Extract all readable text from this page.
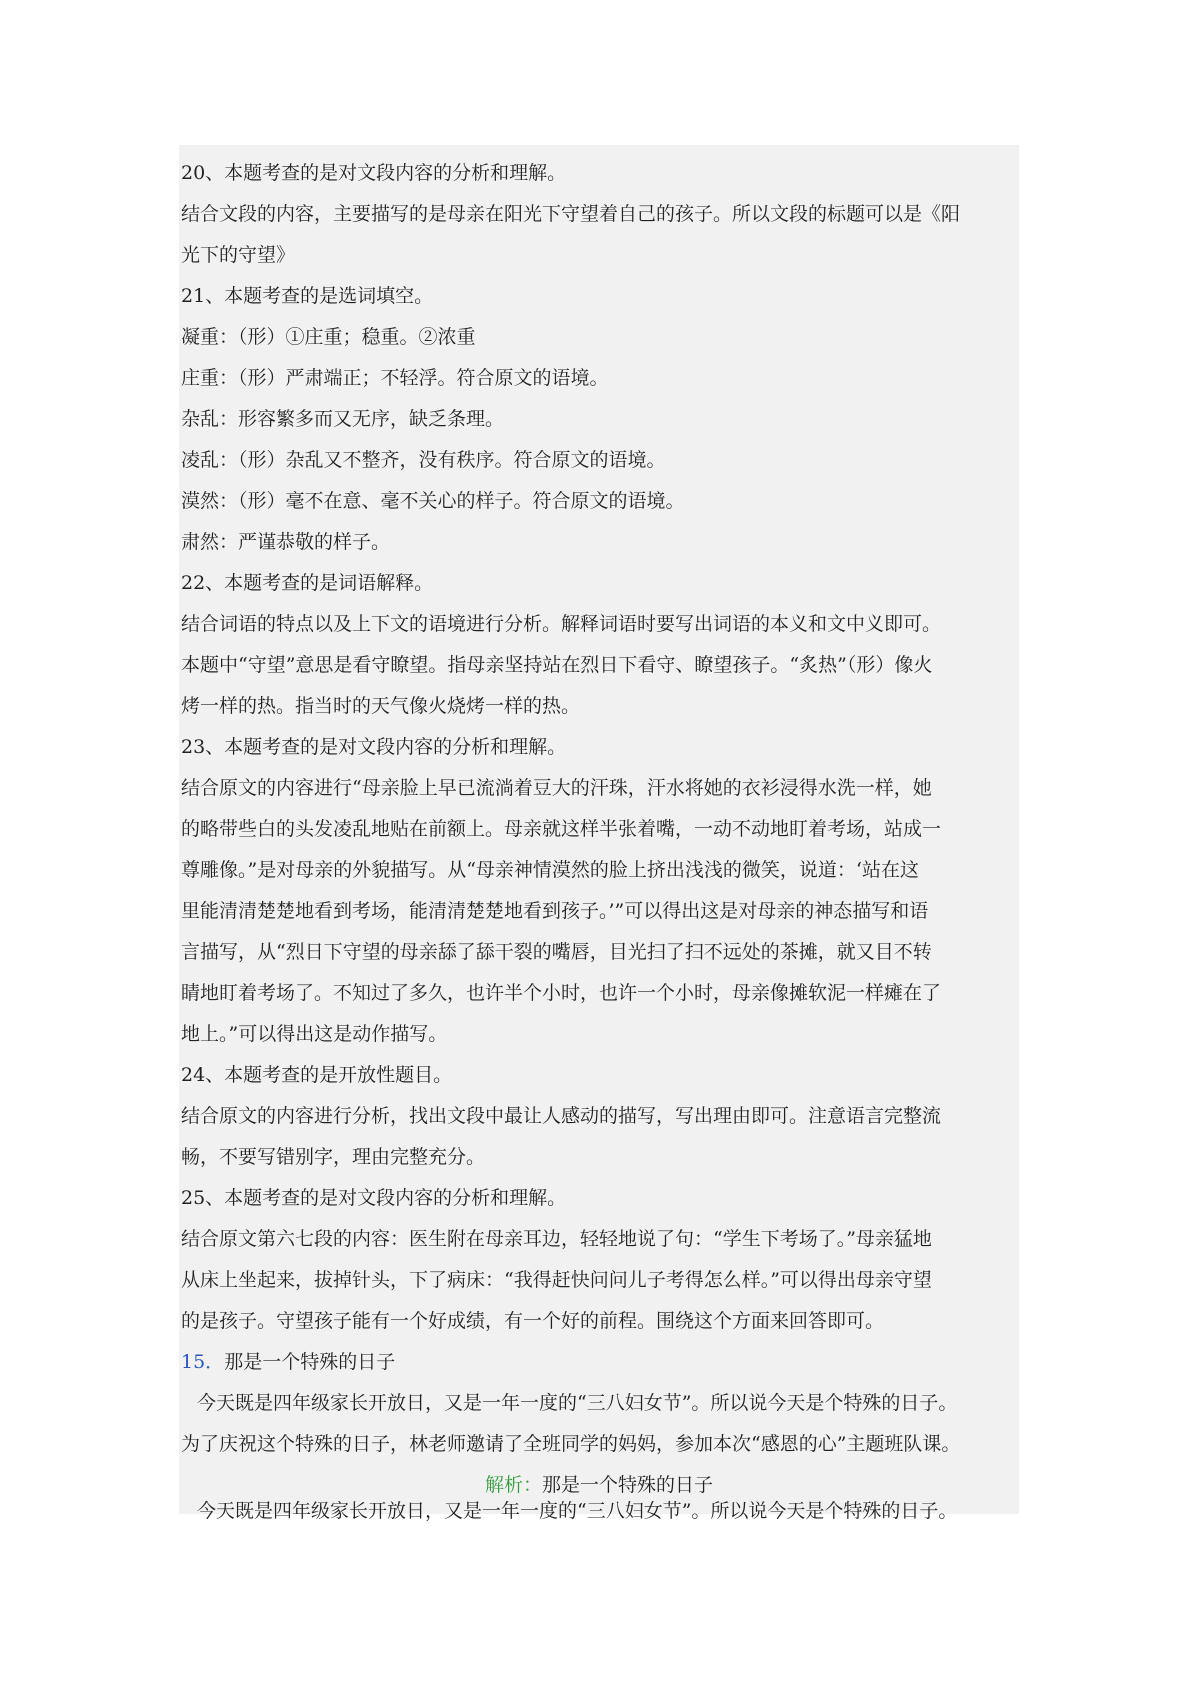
20、本题考查的是对文段内容的分析和理解。
结合文段的内容，主要描写的是母亲在阳光下守望着自己的孩子。所以文段的标题可以是《阳
光下的守望》
21、本题考查的是选词填空。
凝重：（形）①庄重；稳重。②浓重
庄重：（形）严肃端正；不轻浮。符合原文的语境。
杂乱：形容繁多而又无序，缺乏条理。
凌乱：（形）杂乱又不整齐，没有秩序。符合原文的语境。
漠然：（形）毫不在意、毫不关心的样子。符合原文的语境。
肃然：严谨恭敬的样子。
22、本题考查的是词语解释。
结合词语的特点以及上下文的语境进行分析。解释词语时要写出词语的本义和文中义即可。
本题中“守望”意思是看守瞭望。指母亲坚持站在烈日下看守、瞭望孩子。“炙热”（形）像火
烤一样的热。指当时的天气像火烧烤一样的热。
23、本题考查的是对文段内容的分析和理解。
结合原文的内容进行“母亲脸上早已流淌着豆大的汗珠，汗水将她的衣衫浸得水洗一样，她
的略带些白的头发凌乱地贴在前额上。母亲就这样半张着嘴，一动不动地盯着考场，站成一
尊雕像。”是对母亲的外貌描写。从“母亲神情漠然的脸上挤出浅浅的微笑，说道：‘站在这
里能清清楚楚地看到考场，能清清楚楚地看到孩子。’”可以得出这是对母亲的神态描写和语
言描写，从“烈日下守望的母亲舔了舔干裂的嘴唇，目光扫了扫不远处的茶摊，就又目不转
睛地盯着考场了。不知过了多久，也许半个小时，也许一个小时，母亲像摊软泥一样瘫在了
地上。”可以得出这是动作描写。
24、本题考查的是开放性题目。
结合原文的内容进行分析，找出文段中最让人感动的描写，写出理由即可。注意语言完整流
畅，不要写错别字，理由完整充分。
25、本题考查的是对文段内容的分析和理解。
结合原文第六七段的内容：医生附在母亲耳边，轻轻地说了句：“学生下考场了。”母亲猛地
从床上坐起来，拔掉针头，下了病床：“我得赶快问问儿子考得怎么样。”可以得出母亲守望
的是孩子。守望孩子能有一个好成绩，有一个好的前程。围绕这个方面来回答即可。
15．那是一个特殊的日子
今天既是四年级家长开放日，又是一年一度的“三八妇女节”。所以说今天是个特殊的日子。
为了庆祝这个特殊的日子，林老师邀请了全班同学的妈妈，参加本次“感恩的心”主题班队课。
解析：那是一个特殊的日子
今天既是四年级家长开放日，又是一年一度的“三八妇女节”。所以说今天是个特殊的日子。
